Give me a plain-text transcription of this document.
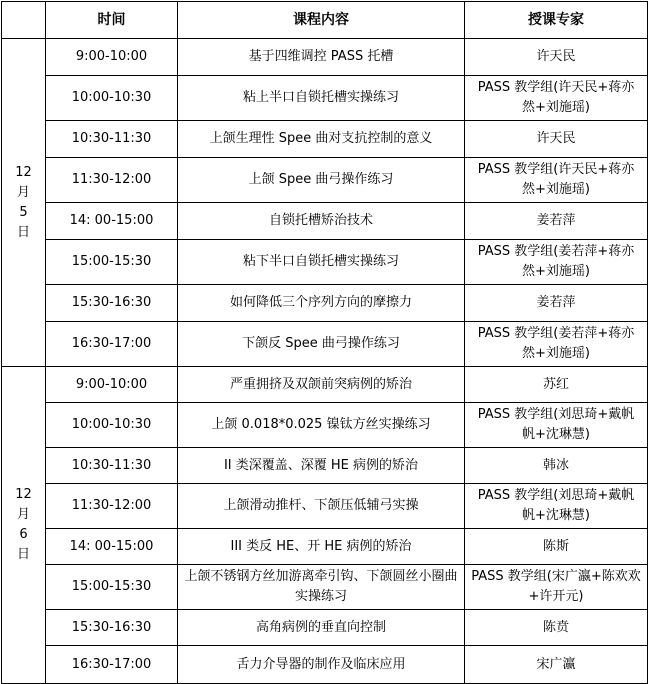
	时间	课程内容	授课专家

12
月
5
日	9:00-10:00	基于四维调控 PASS 托槽	许天民

	10:00-10:30	粘上半口自锁托槽实操练习	PASS 教学组(许天民+蒋亦
然+刘施瑶)

	10:30-11:30	上颌生理性 Spee 曲对支抗控制的意义	许天民

	11:30-12:00	上颌 Spee 曲弓操作练习	PASS 教学组(许天民+蒋亦
然+刘施瑶)

	14: 00-15:00	自锁托槽矫治技术	姜若萍

	15:00-15:30	粘下半口自锁托槽实操练习	PASS 教学组(姜若萍+蒋亦
然+刘施瑶)

	15:30-16:30	如何降低三个序列方向的摩擦力	姜若萍

	16:30-17:00	下颌反 Spee 曲弓操作练习	PASS 教学组(姜若萍+蒋亦
然+刘施瑶)

12
月
6
日	9:00-10:00	严重拥挤及双颌前突病例的矫治	苏红

	10:00-10:30	上颌 0.018*0.025 镍钛方丝实操练习	PASS 教学组(刘思琦+戴帆
帆+沈琳慧)

	10:30-11:30	II 类深覆盖、深覆 HE 病例的矫治	韩冰

	11:30-12:00	上颌滑动推杆、下颌压低辅弓实操	PASS 教学组(刘思琦+戴帆
帆+沈琳慧)

	14: 00-15:00	III 类反 HE、开 HE 病例的矫治	陈斯

	15:00-15:30	上颌不锈钢方丝加游离牵引钩、下颌圆丝小圈曲实操练习	PASS 教学组(宋广瀛+陈欢欢
+许开元)

	15:30-16:30	高角病例的垂直向控制	陈贲

	16:30-17:00	舌力介导器的制作及临床应用	宋广瀛
